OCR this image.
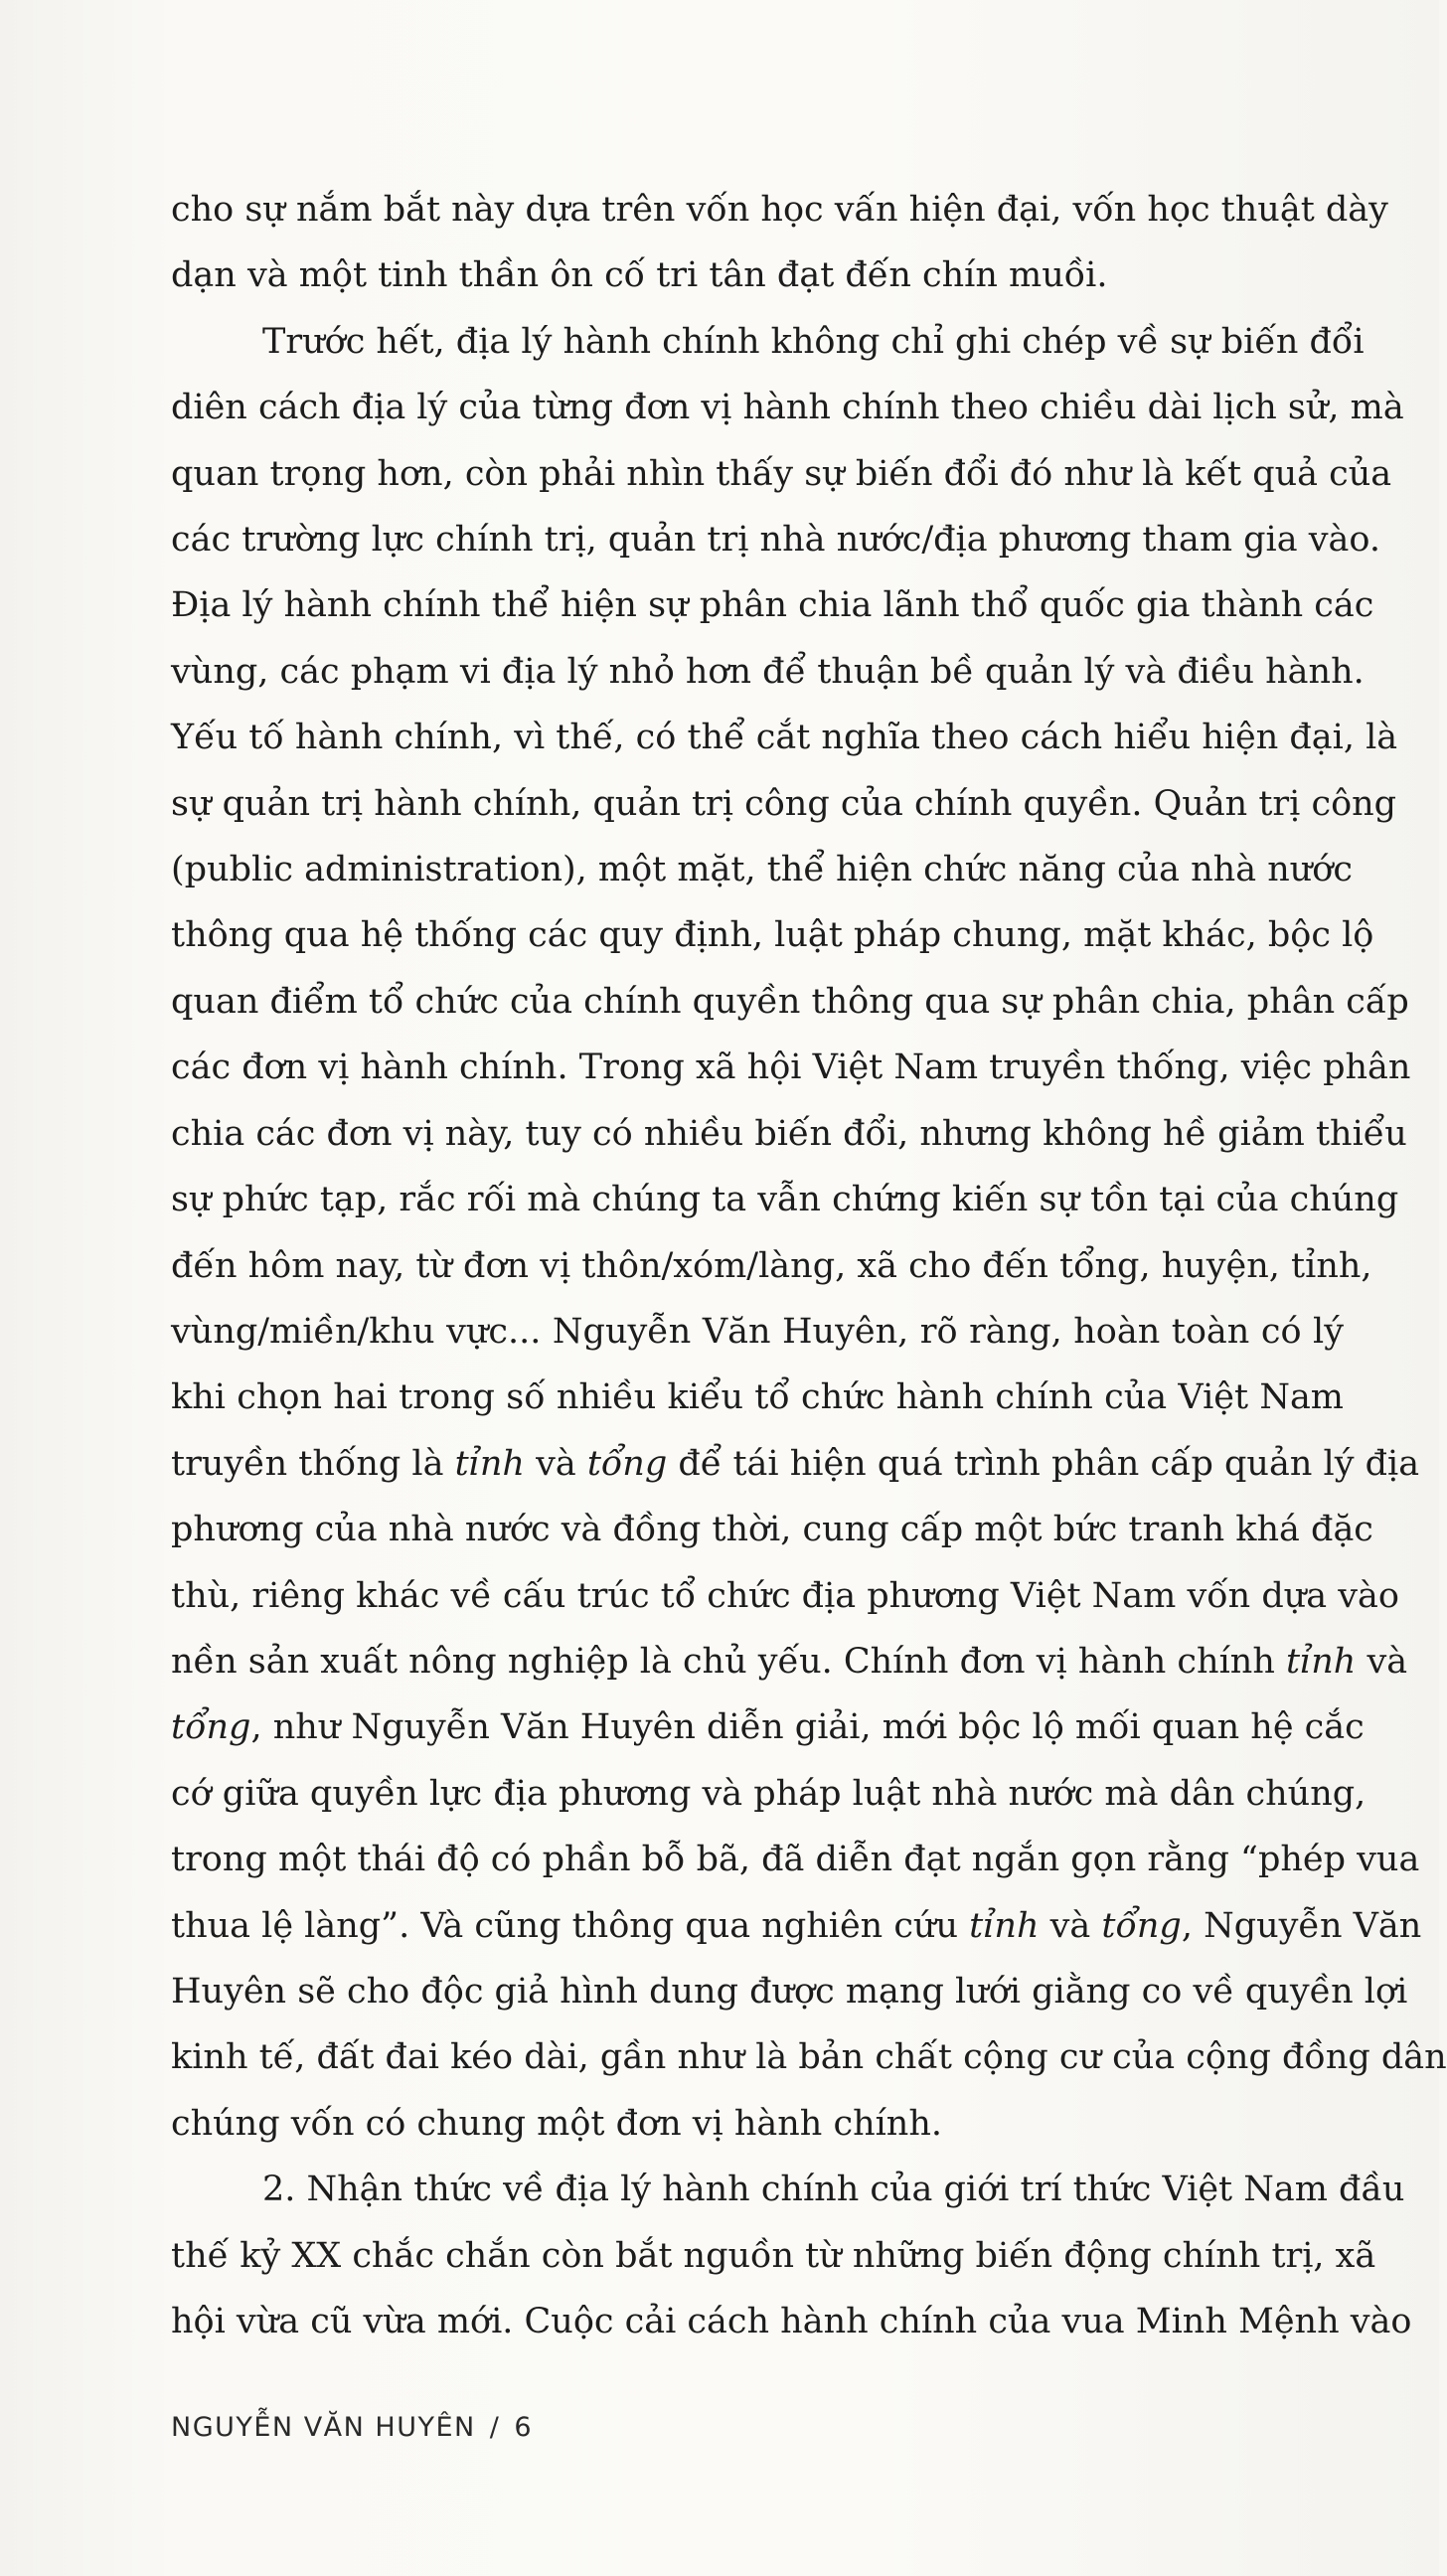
cho sự nắm bắt này dựa trên vốn học vấn hiện đại, vốn học thuật dày
dạn và một tinh thần ôn cố tri tân đạt đến chín muồi.
Trước hết, địa lý hành chính không chỉ ghi chép về sự biến đổi
diên cách địa lý của từng đơn vị hành chính theo chiều dài lịch sử, mà
quan trọng hơn, còn phải nhìn thấy sự biến đổi đó như là kết quả của
các trường lực chính trị, quản trị nhà nước/địa phương tham gia vào.
Địa lý hành chính thể hiện sự phân chia lãnh thổ quốc gia thành các
vùng, các phạm vi địa lý nhỏ hơn để thuận bề quản lý và điều hành.
Yếu tố hành chính, vì thế, có thể cắt nghĩa theo cách hiểu hiện đại, là
sự quản trị hành chính, quản trị công của chính quyền. Quản trị công
(public administration), một mặt, thể hiện chức năng của nhà nước
thông qua hệ thống các quy định, luật pháp chung, mặt khác, bộc lộ
quan điểm tổ chức của chính quyền thông qua sự phân chia, phân cấp
các đơn vị hành chính. Trong xã hội Việt Nam truyền thống, việc phân
chia các đơn vị này, tuy có nhiều biến đổi, nhưng không hề giảm thiểu
sự phức tạp, rắc rối mà chúng ta vẫn chứng kiến sự tồn tại của chúng
đến hôm nay, từ đơn vị thôn/xóm/làng, xã cho đến tổng, huyện, tỉnh,
vùng/miền/khu vực... Nguyễn Văn Huyên, rõ ràng, hoàn toàn có lý
khi chọn hai trong số nhiều kiểu tổ chức hành chính của Việt Nam
truyền thống là tỉnh và tổng để tái hiện quá trình phân cấp quản lý địa
phương của nhà nước và đồng thời, cung cấp một bức tranh khá đặc
thù, riêng khác về cấu trúc tổ chức địa phương Việt Nam vốn dựa vào
nền sản xuất nông nghiệp là chủ yếu. Chính đơn vị hành chính tỉnh và
tổng, như Nguyễn Văn Huyên diễn giải, mới bộc lộ mối quan hệ cắc
cớ giữa quyền lực địa phương và pháp luật nhà nước mà dân chúng,
trong một thái độ có phần bỗ bã, đã diễn đạt ngắn gọn rằng “phép vua
thua lệ làng”. Và cũng thông qua nghiên cứu tỉnh và tổng, Nguyễn Văn
Huyên sẽ cho độc giả hình dung được mạng lưới giằng co về quyền lợi
kinh tế, đất đai kéo dài, gần như là bản chất cộng cư của cộng đồng dân
chúng vốn có chung một đơn vị hành chính.
2. Nhận thức về địa lý hành chính của giới trí thức Việt Nam đầu
thế kỷ XX chắc chắn còn bắt nguồn từ những biến động chính trị, xã
hội vừa cũ vừa mới. Cuộc cải cách hành chính của vua Minh Mệnh vào
NGUYỄN VĂN HUYÊN / 6
